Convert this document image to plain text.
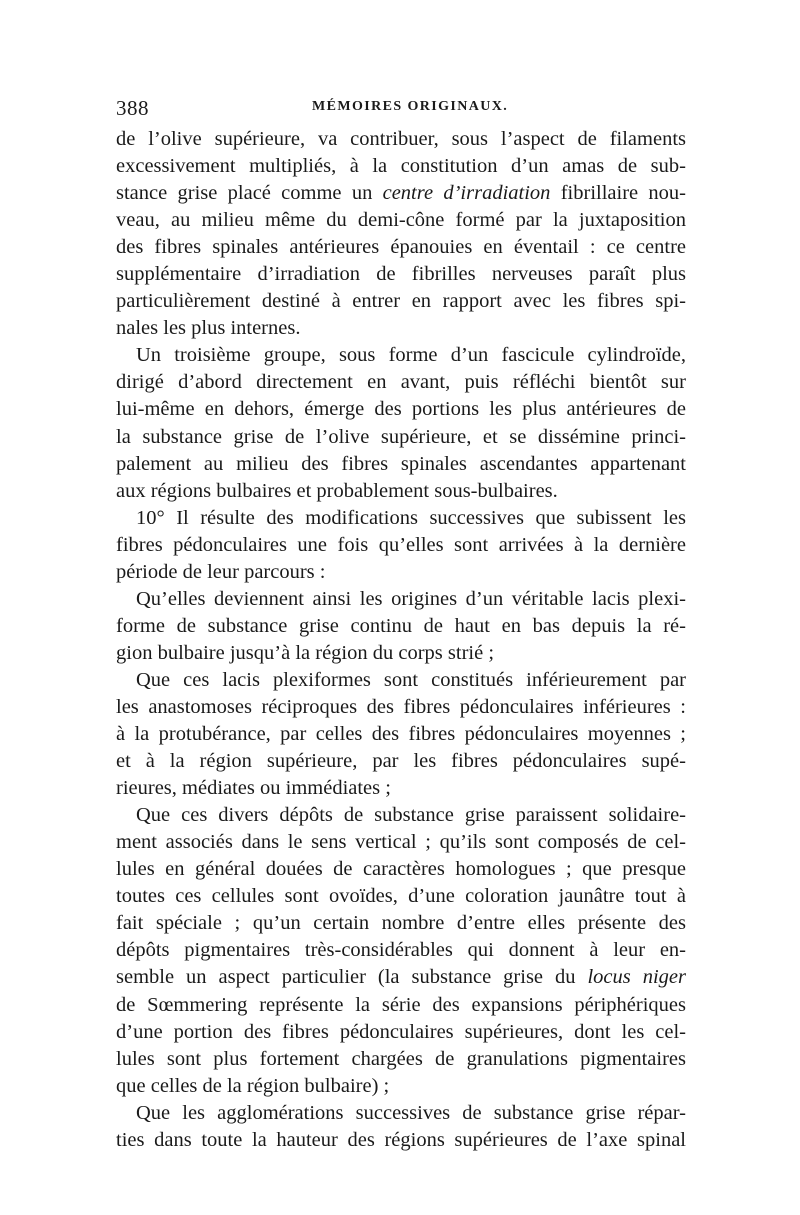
388	MÉMOIRES ORIGINAUX.
de l’olive supérieure, va contribuer, sous l’aspect de filaments
excessivement multipliés, à la constitution d’un amas de sub-
stance grise placé comme un centre d’irradiation fibrillaire nou-
veau, au milieu même du demi-cône formé par la juxtaposition
des fibres spinales antérieures épanouies en éventail : ce centre
supplémentaire d’irradiation de fibrilles nerveuses paraît plus
particulièrement destiné à entrer en rapport avec les fibres spi-
nales les plus internes.
Un troisième groupe, sous forme d’un fascicule cylindroïde,
dirigé d’abord directement en avant, puis réfléchi bientôt sur
lui-même en dehors, émerge des portions les plus antérieures de
la substance grise de l’olive supérieure, et se dissémine princi-
palement au milieu des fibres spinales ascendantes appartenant
aux régions bulbaires et probablement sous-bulbaires.
10° Il résulte des modifications successives que subissent les
fibres pédonculaires une fois qu’elles sont arrivées à la dernière
période de leur parcours :
Qu’elles deviennent ainsi les origines d’un véritable lacis plexi-
forme de substance grise continu de haut en bas depuis la ré-
gion bulbaire jusqu’à la région du corps strié ;
Que ces lacis plexiformes sont constitués inférieurement par
les anastomoses réciproques des fibres pédonculaires inférieures :
à la protubérance, par celles des fibres pédonculaires moyennes ;
et à la région supérieure, par les fibres pédonculaires supé-
rieures, médiates ou immédiates ;
Que ces divers dépôts de substance grise paraissent solidaire-
ment associés dans le sens vertical ; qu’ils sont composés de cel-
lules en général douées de caractères homologues ; que presque
toutes ces cellules sont ovoïdes, d’une coloration jaunâtre tout à
fait spéciale ; qu’un certain nombre d’entre elles présente des
dépôts pigmentaires très-considérables qui donnent à leur en-
semble un aspect particulier (la substance grise du locus niger
de Sœmmering représente la série des expansions périphériques
d’une portion des fibres pédonculaires supérieures, dont les cel-
lules sont plus fortement chargées de granulations pigmentaires
que celles de la région bulbaire) ;
Que les agglomérations successives de substance grise répar-
ties dans toute la hauteur des régions supérieures de l’axe spinal
